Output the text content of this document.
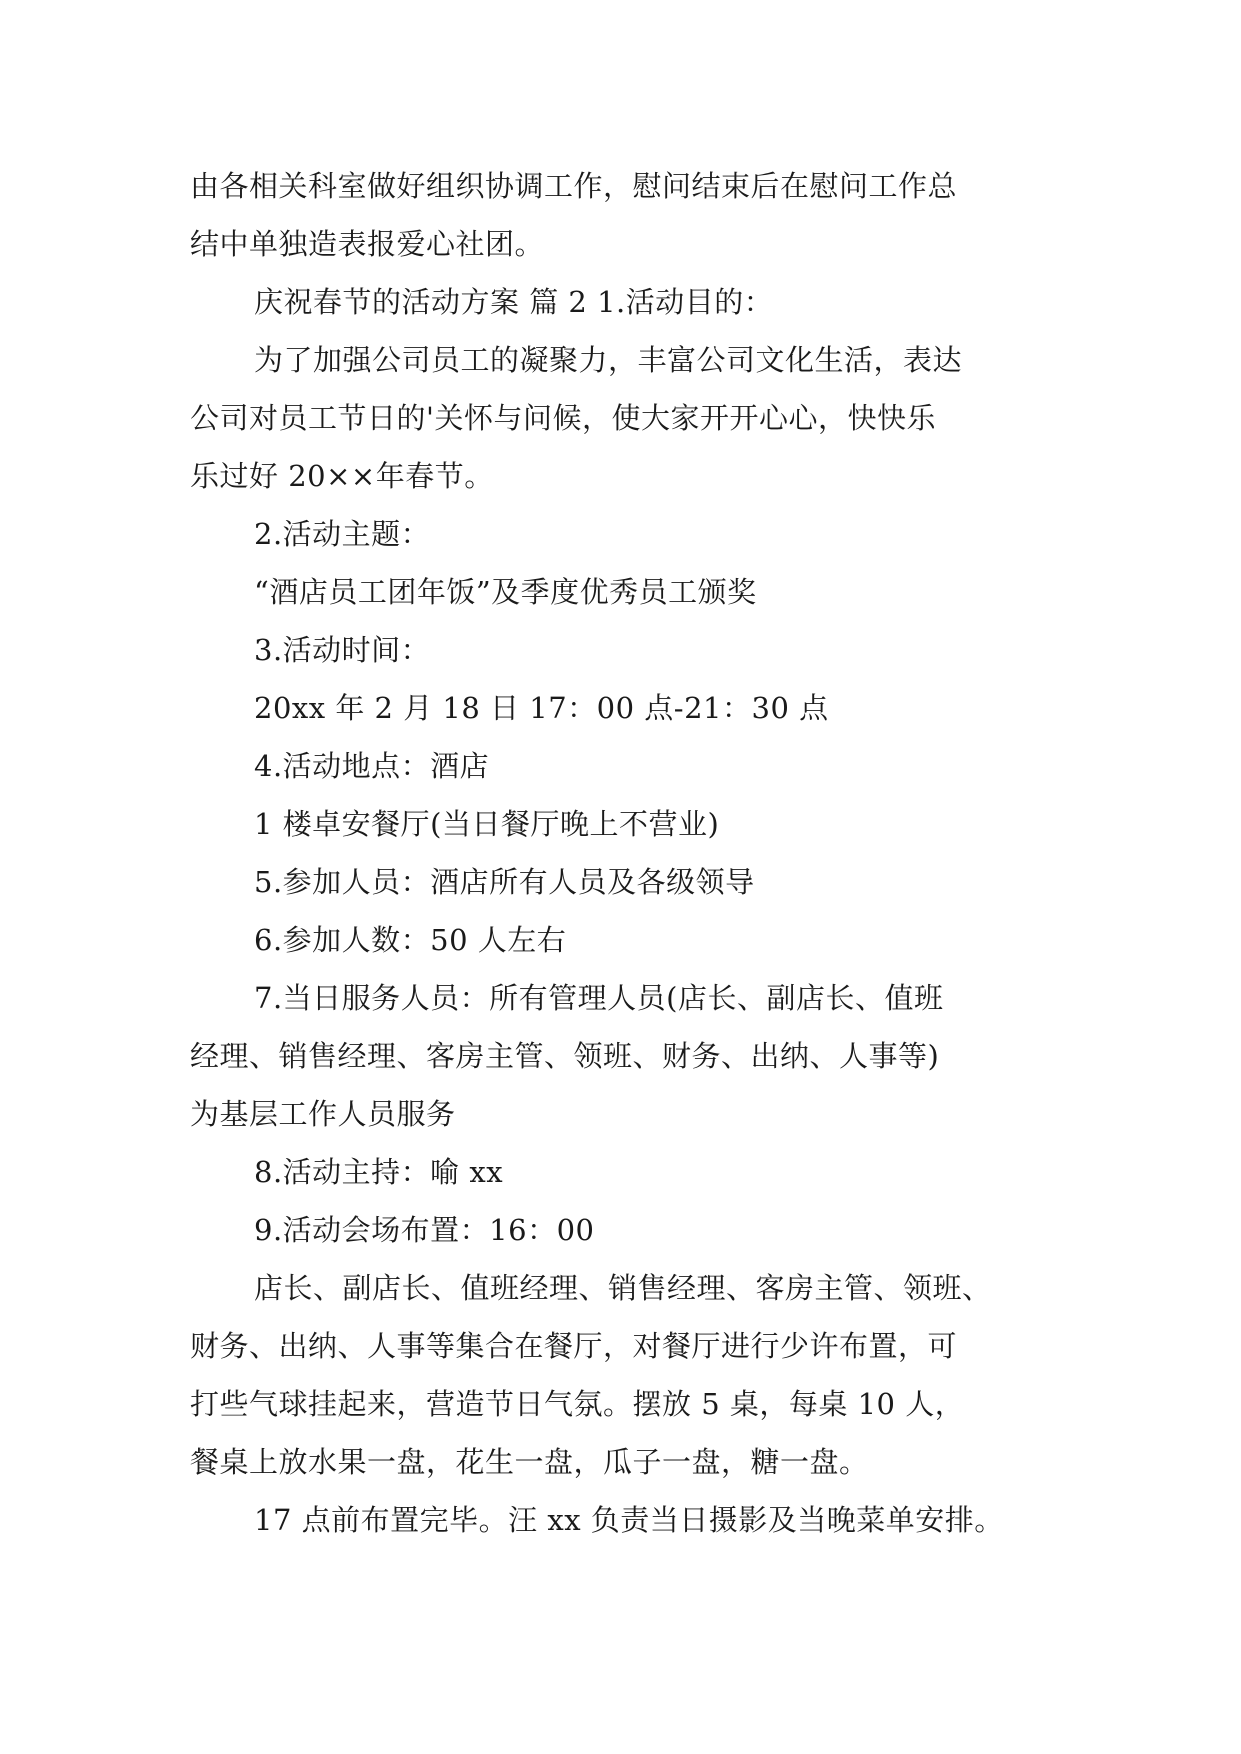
由各相关科室做好组织协调工作，慰问结束后在慰问工作总
结中单独造表报爱心社团。
庆祝春节的活动方案 篇 2 1.活动目的：
为了加强公司员工的凝聚力，丰富公司文化生活，表达
公司对员工节日的'关怀与问候，使大家开开心心，快快乐
乐过好 20××年春节。
2.活动主题：
“酒店员工团年饭”及季度优秀员工颁奖
3.活动时间：
20xx 年 2 月 18 日 17：00 点-21：30 点
4.活动地点：酒店
1 楼卓安餐厅(当日餐厅晚上不营业)
5.参加人员：酒店所有人员及各级领导
6.参加人数：50 人左右
7.当日服务人员：所有管理人员(店长、副店长、值班
经理、销售经理、客房主管、领班、财务、出纳、人事等)
为基层工作人员服务
8.活动主持：喻 xx
9.活动会场布置：16：00
店长、副店长、值班经理、销售经理、客房主管、领班、
财务、出纳、人事等集合在餐厅，对餐厅进行少许布置，可
打些气球挂起来，营造节日气氛。摆放 5 桌，每桌 10 人，
餐桌上放水果一盘，花生一盘，瓜子一盘，糖一盘。
17 点前布置完毕。汪 xx 负责当日摄影及当晚菜单安排。
